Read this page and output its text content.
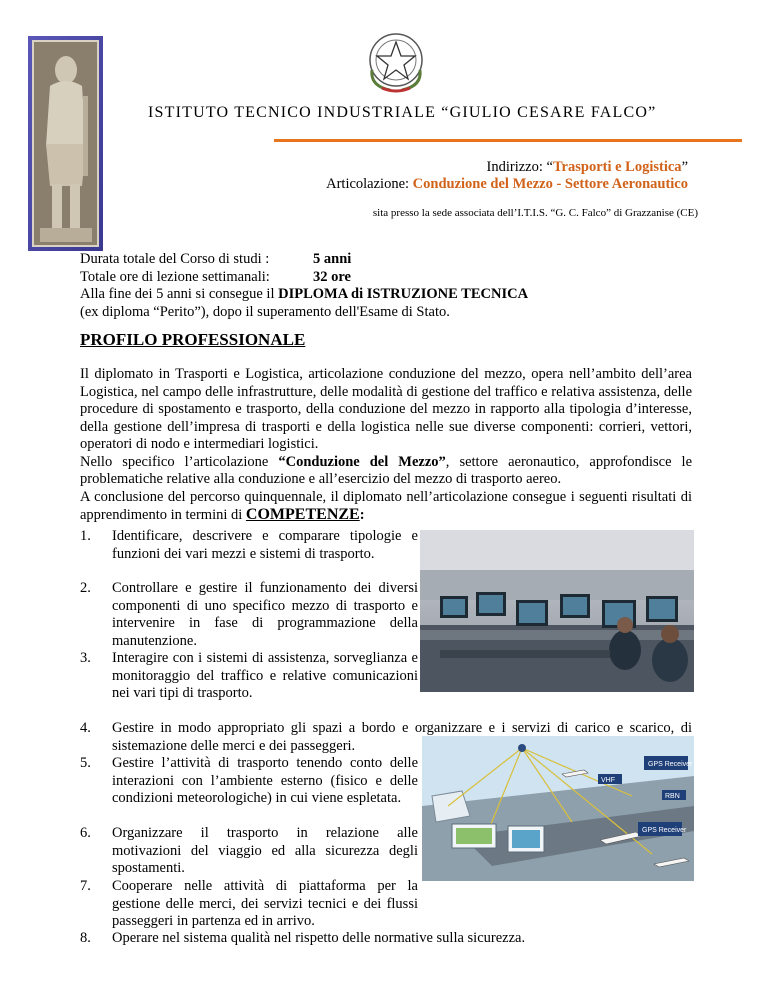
ISTITUTO TECNICO INDUSTRIALE “GIULIO CESARE FALCO”
Indirizzo: “Trasporti e Logistica”
Articolazione: Conduzione del Mezzo - Settore Aeronautico
sita presso la sede associata dell’I.T.I.S. “G. C. Falco” di Grazzanise (CE)
Durata totale del Corso di studi :	5 anni
Totale ore di lezione settimanali:	32 ore
Alla fine dei 5 anni si consegue il DIPLOMA di ISTRUZIONE TECNICA
(ex diploma “Perito”), dopo il superamento dell'Esame di Stato.
PROFILO PROFESSIONALE

Il diplomato in Trasporti e Logistica, articolazione conduzione del mezzo, opera nell’ambito dell’area Logistica, nel campo delle infrastrutture, delle modalità di gestione del traffico e relativa assistenza, delle procedure di spostamento e trasporto, della conduzione del mezzo in rapporto alla tipologia d’interesse, della gestione dell’impresa di trasporti e della logistica nelle sue diverse componenti: corrieri, vettori, operatori di nodo e intermediari logistici.

Nello specifico l’articolazione “Conduzione del Mezzo”, settore aeronautico, approfondisce le problematiche relative alla conduzione e all’esercizio del mezzo di trasporto aereo.

A conclusione del percorso quinquennale, il diplomato nell’articolazione consegue i seguenti risultati di apprendimento in termini di COMPETENZE:

1.	Identificare, descrivere e comparare tipologie e funzioni dei vari mezzi e sistemi di trasporto.
2.	Controllare e gestire il funzionamento dei diversi componenti di uno specifico mezzo di trasporto e intervenire in fase di programmazione della manutenzione.
3.	Interagire con i sistemi di assistenza, sorveglianza e monitoraggio del traffico e relative comunicazioni nei vari tipi di trasporto.
4.	Gestire in modo appropriato gli spazi a bordo e organizzare e i servizi di carico e scarico, di sistemazione delle merci e dei passeggeri.
5.	Gestire l’attività di trasporto tenendo conto delle interazioni con l’ambiente esterno (fisico e delle condizioni meteorologiche) in cui viene espletata.
6.	Organizzare il trasporto in relazione alle motivazioni del viaggio ed alla sicurezza degli spostamenti.
7.	Cooperare nelle attività di piattaforma per la gestione delle merci, dei servizi tecnici e dei flussi passeggeri in partenza ed in arrivo.
8.	Operare nel sistema qualità nel rispetto delle normative sulla sicurezza.
GPS Receiver
VHF
RBN
GPS Receiver
